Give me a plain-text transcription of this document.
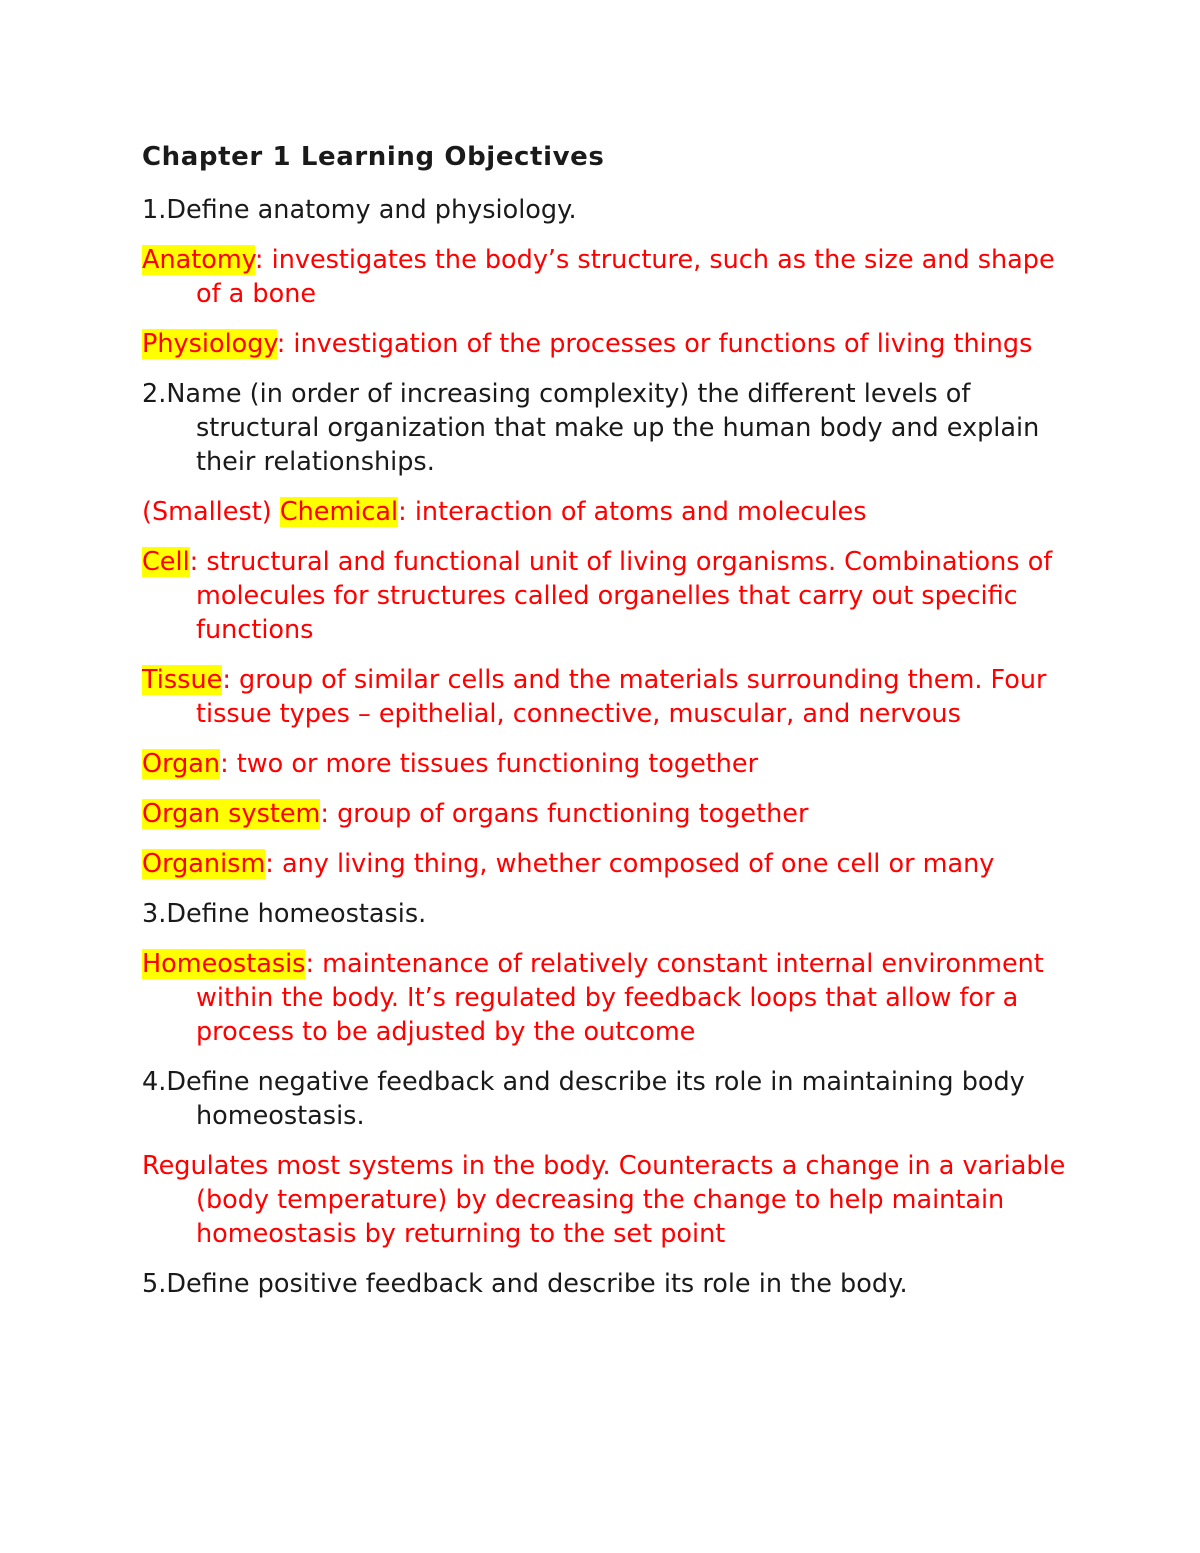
Chapter 1 Learning Objectives
1.Define anatomy and physiology.
Anatomy: investigates the body’s structure, such as the size and shape of a bone
Physiology: investigation of the processes or functions of living things
2.Name (in order of increasing complexity) the different levels of structural organization that make up the human body and explain their relationships.
(Smallest) Chemical: interaction of atoms and molecules
Cell: structural and functional unit of living organisms. Combinations of molecules for structures called organelles that carry out specific functions
Tissue: group of similar cells and the materials surrounding them. Four tissue types – epithelial, connective, muscular, and nervous
Organ: two or more tissues functioning together
Organ system: group of organs functioning together
Organism: any living thing, whether composed of one cell or many
3.Define homeostasis.
Homeostasis: maintenance of relatively constant internal environment within the body. It’s regulated by feedback loops that allow for a process to be adjusted by the outcome
4.Define negative feedback and describe its role in maintaining body homeostasis.
Regulates most systems in the body. Counteracts a change in a variable (body temperature) by decreasing the change to help maintain homeostasis by returning to the set point
5.Define positive feedback and describe its role in the body.
